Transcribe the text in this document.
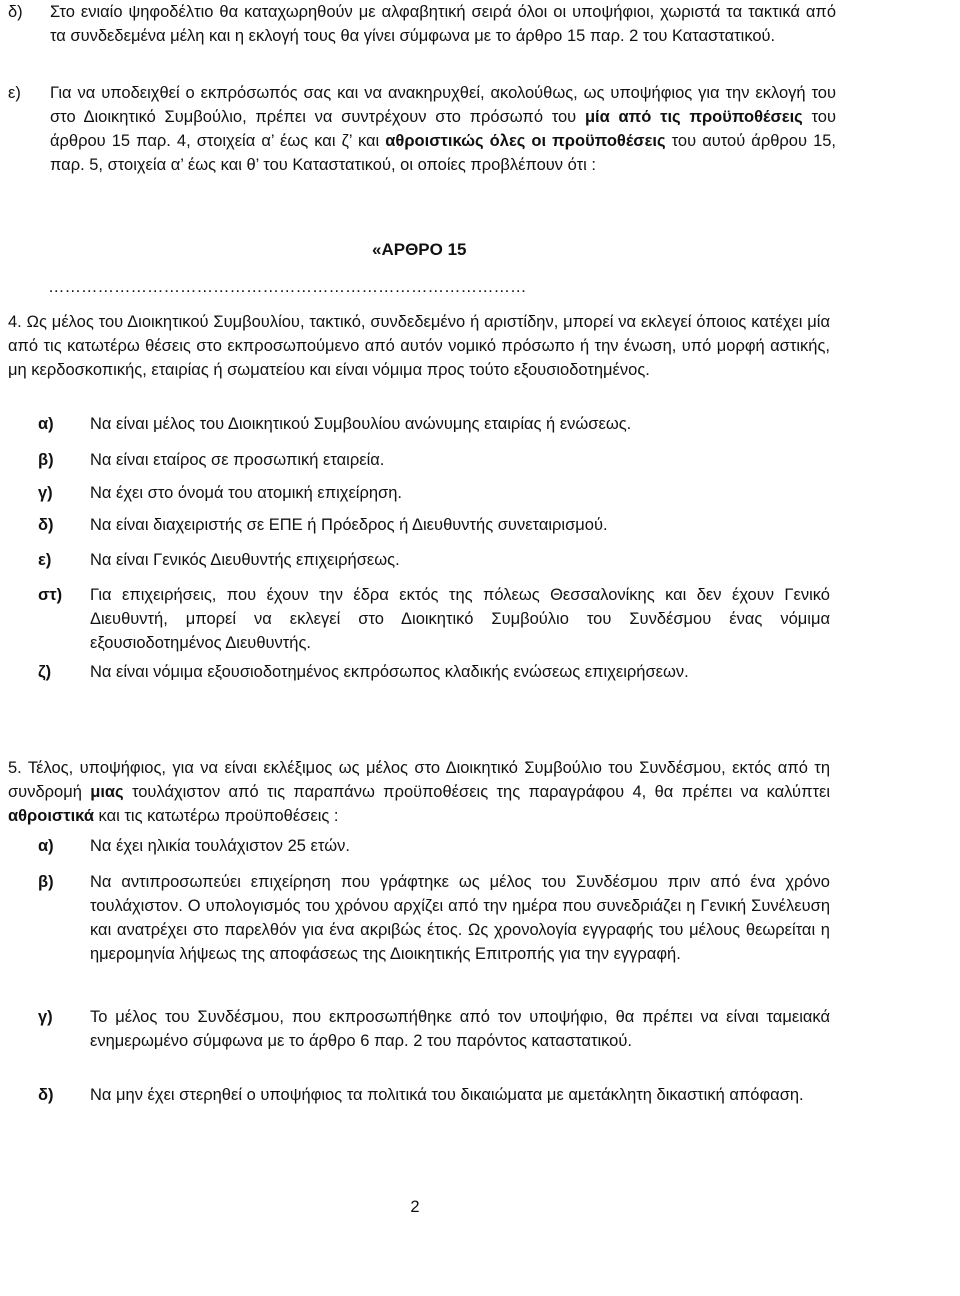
δ)	Στο ενιαίο ψηφοδέλτιο θα καταχωρηθούν με αλφαβητική σειρά όλοι οι υποψήφιοι, χωριστά τα τακτικά από τα συνδεδεμένα μέλη και η εκλογή τους θα γίνει σύμφωνα με το άρθρο 15 παρ. 2 του Καταστατικού.

ε)	Για να υποδειχθεί ο εκπρόσωπός σας και να ανακηρυχθεί, ακολούθως, ως υποψήφιος για την εκλογή του στο Διοικητικό Συμβούλιο, πρέπει να συντρέχουν στο πρόσωπό του μία από τις προϋποθέσεις του άρθρου 15 παρ. 4, στοιχεία α’ έως και ζ’ και αθροιστικώς όλες οι προϋποθέσεις του αυτού άρθρου 15, παρ. 5, στοιχεία α’ έως και θ’ του Καταστατικού, οι οποίες προβλέπουν ότι :

«ΑΡΘΡΟ 15
……………………………………………………………………………

4. Ως μέλος του Διοικητικού Συμβουλίου, τακτικό, συνδεδεμένο ή αριστίδην, μπορεί να εκλεγεί όποιος κατέχει μία από τις κατωτέρω θέσεις στο εκπροσωπούμενο από αυτόν νομικό πρόσωπο ή την ένωση, υπό μορφή αστικής, μη κερδοσκοπικής, εταιρίας ή σωματείου και είναι νόμιμα προς τούτο εξουσιοδοτημένος.

α)	Να είναι μέλος του Διοικητικού Συμβουλίου ανώνυμης εταιρίας ή ενώσεως.

β)	Να είναι εταίρος σε προσωπική εταιρεία.

γ)	Να έχει στο όνομά του ατομική επιχείρηση.

δ)	Να είναι διαχειριστής σε ΕΠΕ ή Πρόεδρος ή Διευθυντής συνεταιρισμού.

ε)	Να είναι Γενικός Διευθυντής επιχειρήσεως.

στ)	Για επιχειρήσεις, που έχουν την έδρα εκτός της πόλεως Θεσσαλονίκης και δεν έχουν Γενικό Διευθυντή, μπορεί να εκλεγεί στο Διοικητικό Συμβούλιο του Συνδέσμου ένας νόμιμα εξουσιοδοτημένος Διευθυντής.

ζ)	Να είναι νόμιμα εξουσιοδοτημένος εκπρόσωπος κλαδικής ενώσεως επιχειρήσεων.

5. Τέλος, υποψήφιος, για να είναι εκλέξιμος ως μέλος στο Διοικητικό Συμβούλιο του Συνδέσμου, εκτός από τη συνδρομή μιας τουλάχιστον από τις παραπάνω προϋποθέσεις της παραγράφου 4, θα πρέπει να καλύπτει αθροιστικά και τις κατωτέρω προϋποθέσεις :

α)	Να έχει ηλικία τουλάχιστον 25 ετών.

β)	Να αντιπροσωπεύει επιχείρηση που γράφτηκε ως μέλος του Συνδέσμου πριν από ένα χρόνο τουλάχιστον. Ο υπολογισμός του χρόνου αρχίζει από την ημέρα που συνεδριάζει η Γενική Συνέλευση και ανατρέχει στο παρελθόν για ένα ακριβώς έτος. Ως χρονολογία εγγραφής του μέλους θεωρείται η ημερομηνία λήψεως της αποφάσεως της Διοικητικής Επιτροπής για την εγγραφή.

γ)	Το μέλος του Συνδέσμου, που εκπροσωπήθηκε από τον υποψήφιο, θα πρέπει να είναι ταμειακά ενημερωμένο σύμφωνα με το άρθρο 6 παρ. 2 του παρόντος καταστατικού.

δ)	Να μην έχει στερηθεί ο υποψήφιος τα πολιτικά του δικαιώματα με αμετάκλητη δικαστική απόφαση.

2
